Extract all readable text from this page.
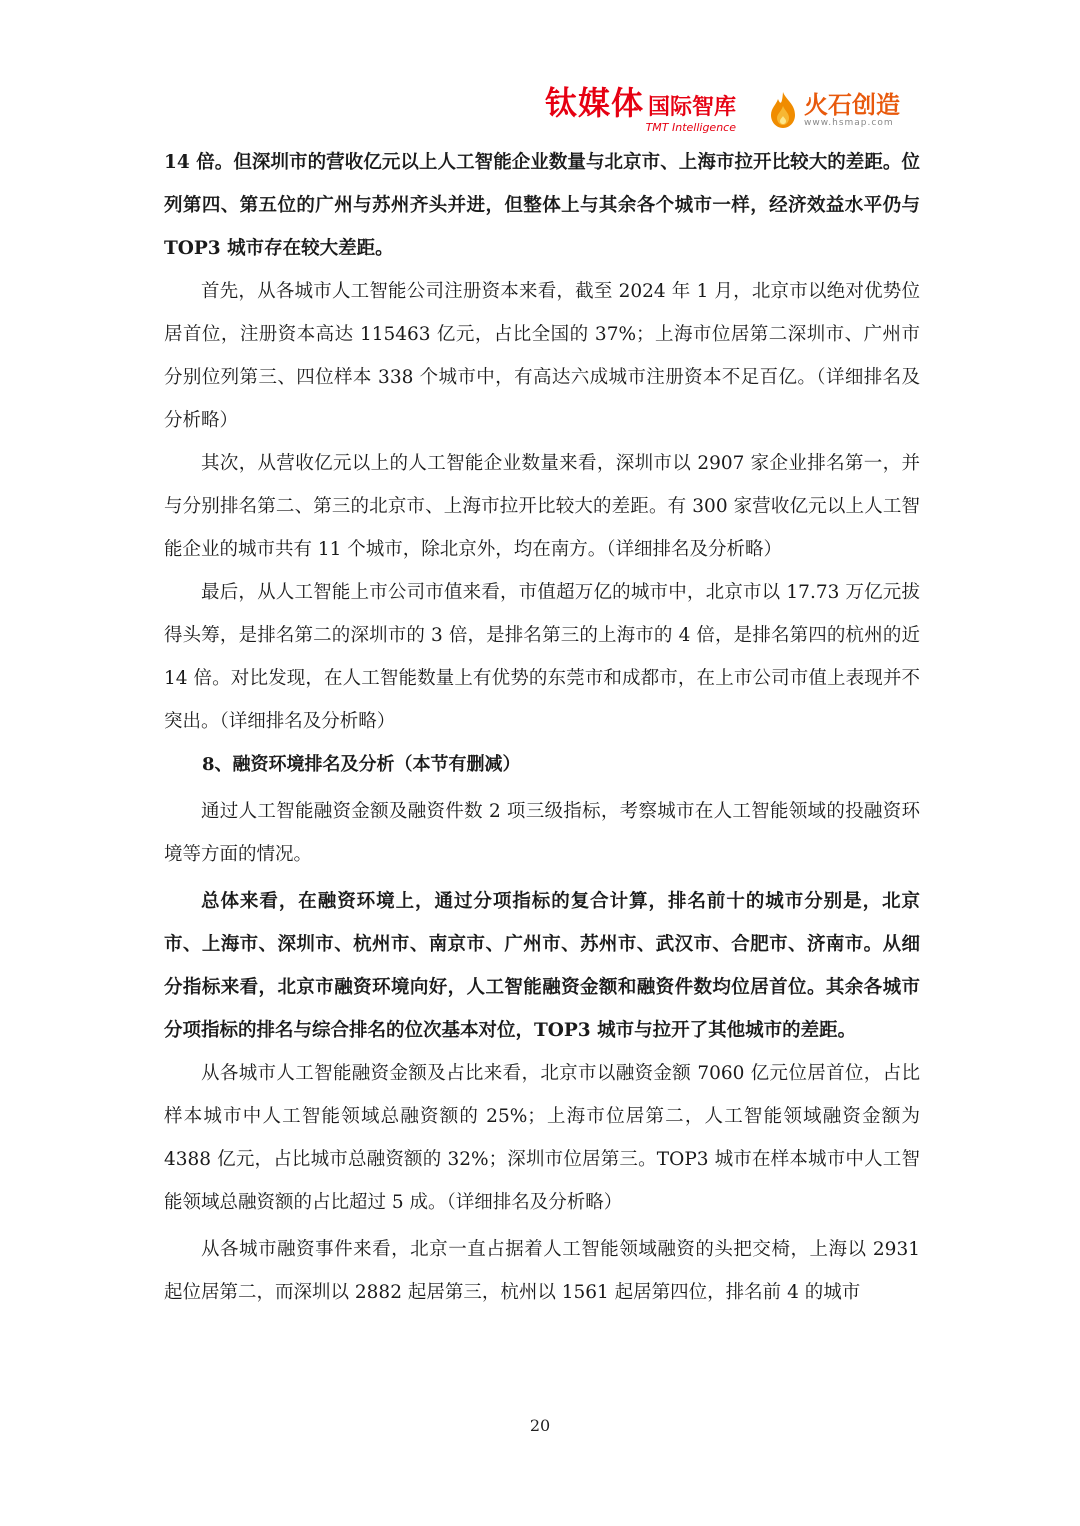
钛媒体 国际智库
TMT Intelligence
火石创造
www.hsmap.com

14 倍。但深圳市的营收亿元以上人工智能企业数量与北京市、上海市拉开比较大的差距。位列第四、第五位的广州与苏州齐头并进，但整体上与其余各个城市一样，经济效益水平仍与 TOP3 城市存在较大差距。

首先，从各城市人工智能公司注册资本来看，截至 2024 年 1 月，北京市以绝对优势位居首位，注册资本高达 115463 亿元，占比全国的 37%；上海市位居第二深圳市、广州市分别位列第三、四位样本 338 个城市中，有高达六成城市注册资本不足百亿。（详细排名及分析略）

其次，从营收亿元以上的人工智能企业数量来看，深圳市以 2907 家企业排名第一，并与分别排名第二、第三的北京市、上海市拉开比较大的差距。有 300 家营收亿元以上人工智能企业的城市共有 11 个城市，除北京外，均在南方。（详细排名及分析略）

最后，从人工智能上市公司市值来看，市值超万亿的城市中，北京市以 17.73 万亿元拔得头筹，是排名第二的深圳市的 3 倍，是排名第三的上海市的 4 倍，是排名第四的杭州的近 14 倍。对比发现，在人工智能数量上有优势的东莞市和成都市，在上市公司市值上表现并不突出。（详细排名及分析略）

8、融资环境排名及分析（本节有删减）

通过人工智能融资金额及融资件数 2 项三级指标，考察城市在人工智能领域的投融资环境等方面的情况。

总体来看，在融资环境上，通过分项指标的复合计算，排名前十的城市分别是，北京市、上海市、深圳市、杭州市、南京市、广州市、苏州市、武汉市、合肥市、济南市。从细分指标来看，北京市融资环境向好，人工智能融资金额和融资件数均位居首位。其余各城市分项指标的排名与综合排名的位次基本对位，TOP3 城市与拉开了其他城市的差距。

从各城市人工智能融资金额及占比来看，北京市以融资金额 7060 亿元位居首位，占比样本城市中人工智能领域总融资额的 25%；上海市位居第二，人工智能领域融资金额为 4388 亿元，占比城市总融资额的 32%；深圳市位居第三。TOP3 城市在样本城市中人工智能领域总融资额的占比超过 5 成。（详细排名及分析略）

从各城市融资事件来看，北京一直占据着人工智能领域融资的头把交椅，上海以 2931 起位居第二，而深圳以 2882 起居第三，杭州以 1561 起居第四位，排名前 4 的城市

20
